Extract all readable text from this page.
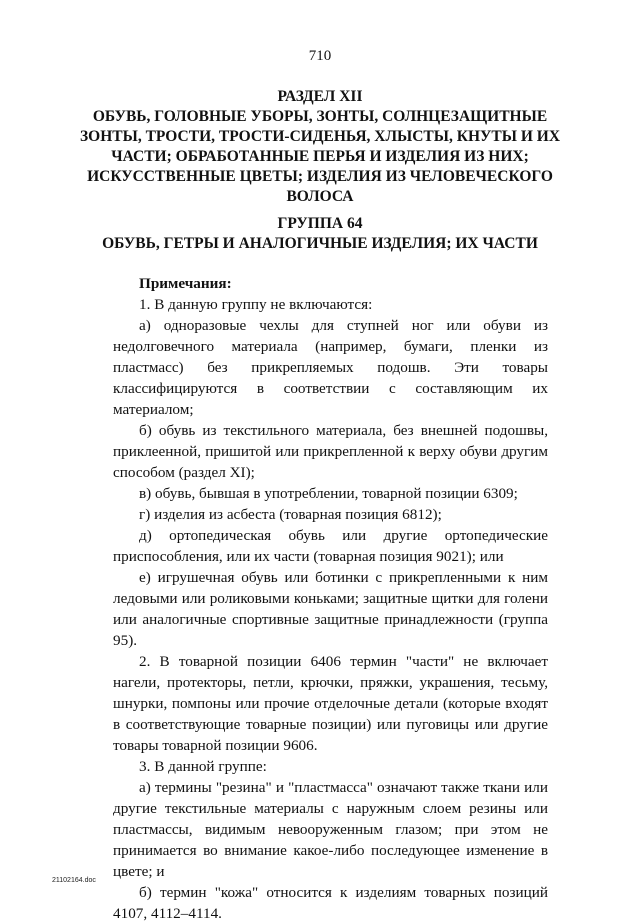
710
РАЗДЕЛ XII
ОБУВЬ, ГОЛОВНЫЕ УБОРЫ, ЗОНТЫ, СОЛНЦЕЗАЩИТНЫЕ
ЗОНТЫ, ТРОСТИ, ТРОСТИ-СИДЕНЬЯ, ХЛЫСТЫ, КНУТЫ И ИХ
ЧАСТИ; ОБРАБОТАННЫЕ ПЕРЬЯ И ИЗДЕЛИЯ ИЗ НИХ;
ИСКУССТВЕННЫЕ ЦВЕТЫ; ИЗДЕЛИЯ ИЗ ЧЕЛОВЕЧЕСКОГО
ВОЛОСА
ГРУППА 64
ОБУВЬ, ГЕТРЫ И АНАЛОГИЧНЫЕ ИЗДЕЛИЯ; ИХ ЧАСТИ
Примечания:

1. В данную группу не включаются:

а) одноразовые чехлы для ступней ног или обуви из недолговечного материала (например, бумаги, пленки из пластмасс) без прикрепляемых подошв. Эти товары классифицируются в соответствии с составляющим их материалом;

б) обувь из текстильного материала, без внешней подошвы, приклеенной, пришитой или прикрепленной к верху обуви другим способом (раздел XI);

в) обувь, бывшая в употреблении, товарной позиции 6309;

г) изделия из асбеста (товарная позиция 6812);

д) ортопедическая обувь или другие ортопедические приспособления, или их части (товарная позиция 9021); или

е) игрушечная обувь или ботинки с прикрепленными к ним ледовыми или роликовыми коньками; защитные щитки для голени или аналогичные спортивные защитные принадлежности (группа 95).

2. В товарной позиции 6406 термин "части" не включает нагели, протекторы, петли, крючки, пряжки, украшения, тесьму, шнурки, помпоны или прочие отделочные детали (которые входят в соответствующие товарные позиции) или пуговицы или другие товары товарной позиции 9606.

3. В данной группе:

а) термины "резина" и "пластмасса" означают также ткани или другие текстильные материалы с наружным слоем резины или пластмассы, видимым невооруженным глазом; при этом не принимается во внимание какое-либо последующее изменение в цвете; и

б) термин "кожа" относится к изделиям товарных позиций 4107, 4112–4114.

21102164.doc
